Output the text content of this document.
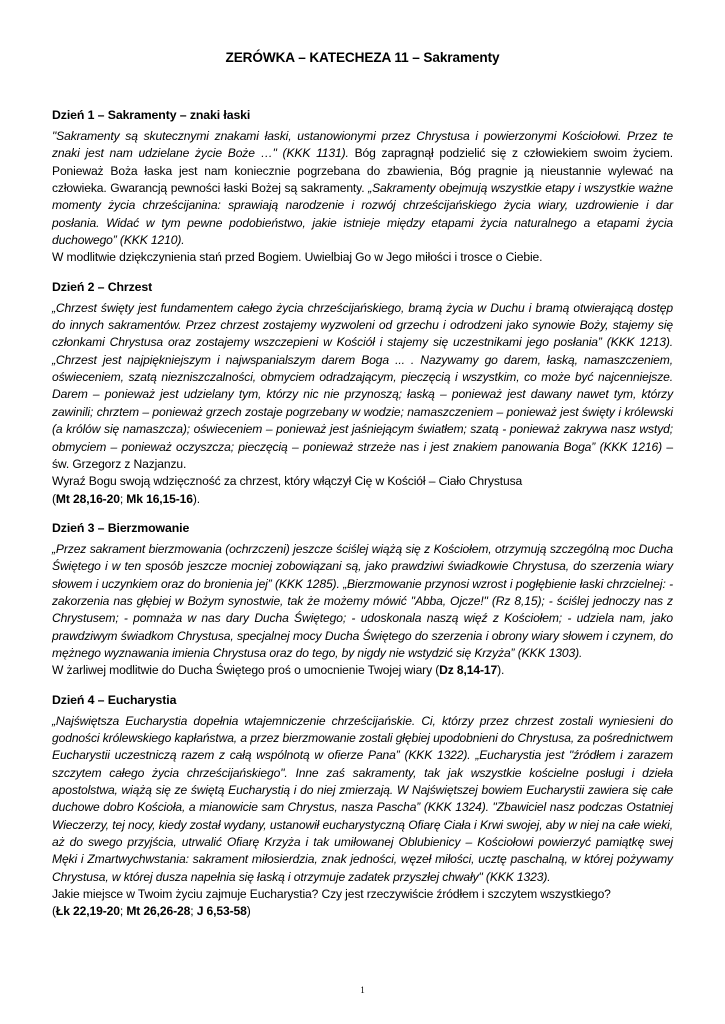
ZERÓWKA – KATECHEZA 11 – Sakramenty
Dzień 1 – Sakramenty – znaki łaski

"Sakramenty są skutecznymi znakami łaski, ustanowionymi przez Chrystusa i powierzonymi Kościołowi. Przez te znaki jest nam udzielane życie Boże …" (KKK 1131). Bóg zapragnął podzielić się z człowiekiem swoim życiem. Ponieważ Boża łaska jest nam koniecznie pogrzebana do zbawienia, Bóg pragnie ją nieustannie wylewać na człowieka. Gwarancją pewności łaski Bożej są sakramenty. „Sakramenty obejmują wszystkie etapy i wszystkie ważne momenty życia chrześcijanina: sprawiają narodzenie i rozwój chrześcijańskiego życia wiary, uzdrowienie i dar posłania. Widać w tym pewne podobieństwo, jakie istnieje między etapami życia naturalnego a etapami życia duchowego” (KKK 1210).

W modlitwie dziękczynienia stań przed Bogiem. Uwielbiaj Go w Jego miłości i trosce o Ciebie.

Dzień 2 – Chrzest

„Chrzest święty jest fundamentem całego życia chrześcijańskiego, bramą życia w Duchu i bramą otwierającą dostęp do innych sakramentów. Przez chrzest zostajemy wyzwoleni od grzechu i odrodzeni jako synowie Boży, stajemy się członkami Chrystusa oraz zostajemy wszczepieni w Kościół i stajemy się uczestnikami jego posłania” (KKK 1213). „Chrzest jest najpiękniejszym i najwspanialszym darem Boga ... . Nazywamy go darem, łaską, namaszczeniem, oświeceniem, szatą niezniszczalności, obmyciem odradzającym, pieczęcią i wszystkim, co może być najcenniejsze. Darem – ponieważ jest udzielany tym, którzy nic nie przynoszą; łaską – ponieważ jest dawany nawet tym, którzy zawinili; chrztem – ponieważ grzech zostaje pogrzebany w wodzie; namaszczeniem – ponieważ jest święty i królewski (a królów się namaszcza); oświeceniem – ponieważ jest jaśniejącym światłem; szatą - ponieważ zakrywa nasz wstyd; obmyciem – ponieważ oczyszcza; pieczęcią – ponieważ strzeże nas i jest znakiem panowania Boga” (KKK 1216) – św. Grzegorz z Nazjanzu.

Wyraź Bogu swoją wdzięczność za chrzest, który włączył Cię w Kościół – Ciało Chrystusa
(Mt 28,16-20; Mk 16,15-16).

Dzień 3 – Bierzmowanie

„Przez sakrament bierzmowania (ochrzczeni) jeszcze ściślej wiążą się z Kościołem, otrzymują szczególną moc Ducha Świętego i w ten sposób jeszcze mocniej zobowiązani są, jako prawdziwi świadkowie Chrystusa, do szerzenia wiary słowem i uczynkiem oraz do bronienia jej” (KKK 1285). „Bierzmowanie przynosi wzrost i pogłębienie łaski chrzcielnej: - zakorzenia nas głębiej w Bożym synostwie, tak że możemy mówić "Abba, Ojcze!" (Rz 8,15); - ściślej jednoczy nas z Chrystusem; - pomnaża w nas dary Ducha Świętego; - udoskonala naszą więź z Kościołem; - udziela nam, jako prawdziwym świadkom Chrystusa, specjalnej mocy Ducha Świętego do szerzenia i obrony wiary słowem i czynem, do mężnego wyznawania imienia Chrystusa oraz do tego, by nigdy nie wstydzić się Krzyża” (KKK 1303).

W żarliwej modlitwie do Ducha Świętego proś o umocnienie Twojej wiary (Dz 8,14-17).

Dzień 4 – Eucharystia

„Najświętsza Eucharystia dopełnia wtajemniczenie chrześcijańskie. Ci, którzy przez chrzest zostali wyniesieni do godności królewskiego kapłaństwa, a przez bierzmowanie zostali głębiej upodobnieni do Chrystusa, za pośrednictwem Eucharystii uczestniczą razem z całą wspólnotą w ofierze Pana” (KKK 1322). „Eucharystia jest "źródłem i zarazem szczytem całego życia chrześcijańskiego". Inne zaś sakramenty, tak jak wszystkie kościelne posługi i dzieła apostolstwa, wiążą się ze świętą Eucharystią i do niej zmierzają. W Najświętszej bowiem Eucharystii zawiera się całe duchowe dobro Kościoła, a mianowicie sam Chrystus, nasza Pascha” (KKK 1324). "Zbawiciel nasz podczas Ostatniej Wieczerzy, tej nocy, kiedy został wydany, ustanowił eucharystyczną Ofiarę Ciała i Krwi swojej, aby w niej na całe wieki, aż do swego przyjścia, utrwalić Ofiarę Krzyża i tak umiłowanej Oblubienicy – Kościołowi powierzyć pamiątkę swej Męki i Zmartwychwstania: sakrament miłosierdzia, znak jedności, węzeł miłości, ucztę paschalną, w której pożywamy Chrystusa, w której dusza napełnia się łaską i otrzymuje zadatek przyszłej chwały" (KKK 1323).

Jakie miejsce w Twoim życiu zajmuje Eucharystia? Czy jest rzeczywiście źródłem i szczytem wszystkiego?
(Łk 22,19-20; Mt 26,26-28; J 6,53-58)

1
